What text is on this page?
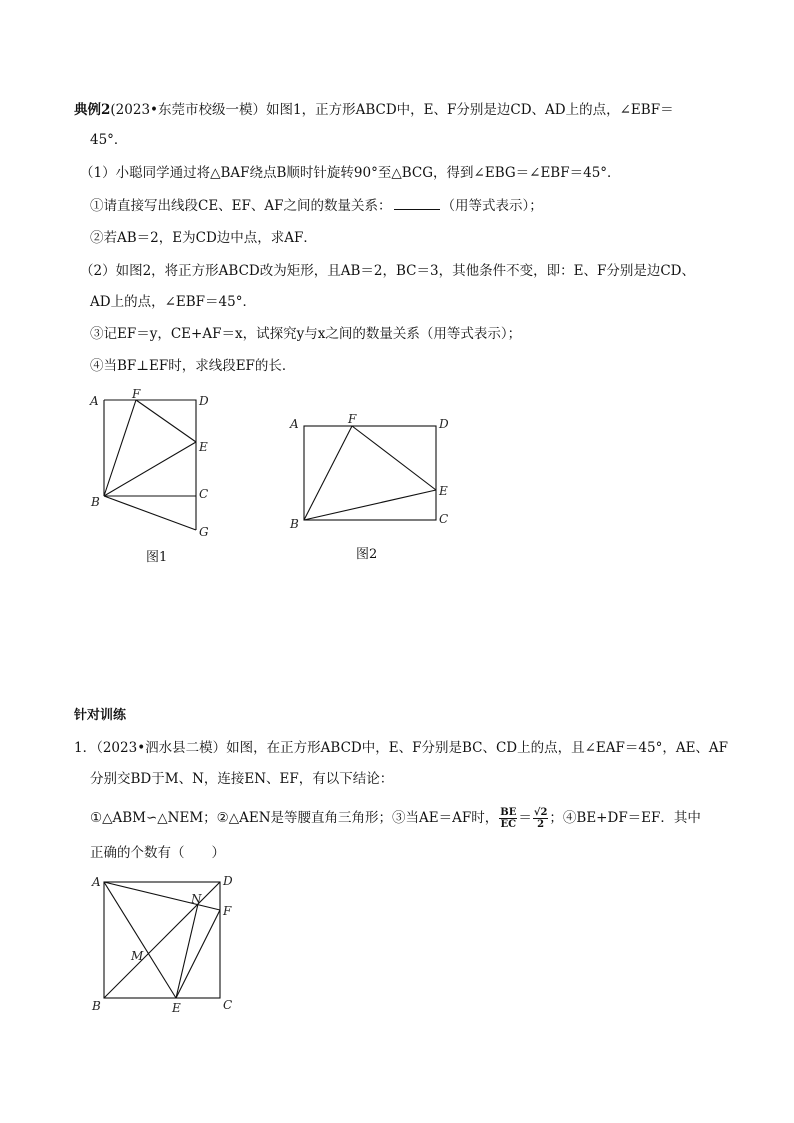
典例2(2023•东莞市校级一模）如图1，正方形ABCD中，E、F分别是边CD、AD上的点，∠EBF＝
45°．
（1）小聪同学通过将△BAF绕点B顺时针旋转90°至△BCG，得到∠EBG＝∠EBF＝45°．
①请直接写出线段CE、EF、AF之间的数量关系：	（用等式表示）；
②若AB＝2，E为CD边中点，求AF．
（2）如图2，将正方形ABCD改为矩形，且AB＝2，BC＝3，其他条件不变，即：E、F分别是边CD、
AD上的点，∠EBF＝45°．
③记EF＝y，CE+AF＝x，试探究y与x之间的数量关系（用等式表示）；
④当BF⊥EF时，求线段EF的长．
A	F	D
E
B
C
G
图1
A	F	D
E
B	C
图2
针对训练
1．（2023•泗水县二模）如图，在正方形ABCD中，E、F分别是BC、CD上的点，且∠EAF＝45°，AE、AF
分别交BD于M、N，连接EN、EF，有以下结论：
①△ABM∽△NEM；②△AEN是等腰直角三角形；③当AE＝AF时， $\frac{BE}{EC} = \frac{√2}{2}$ ；④BE+DF＝EF．其中
正确的个数有（　　）
A	D
N
F
M
B	E	C
